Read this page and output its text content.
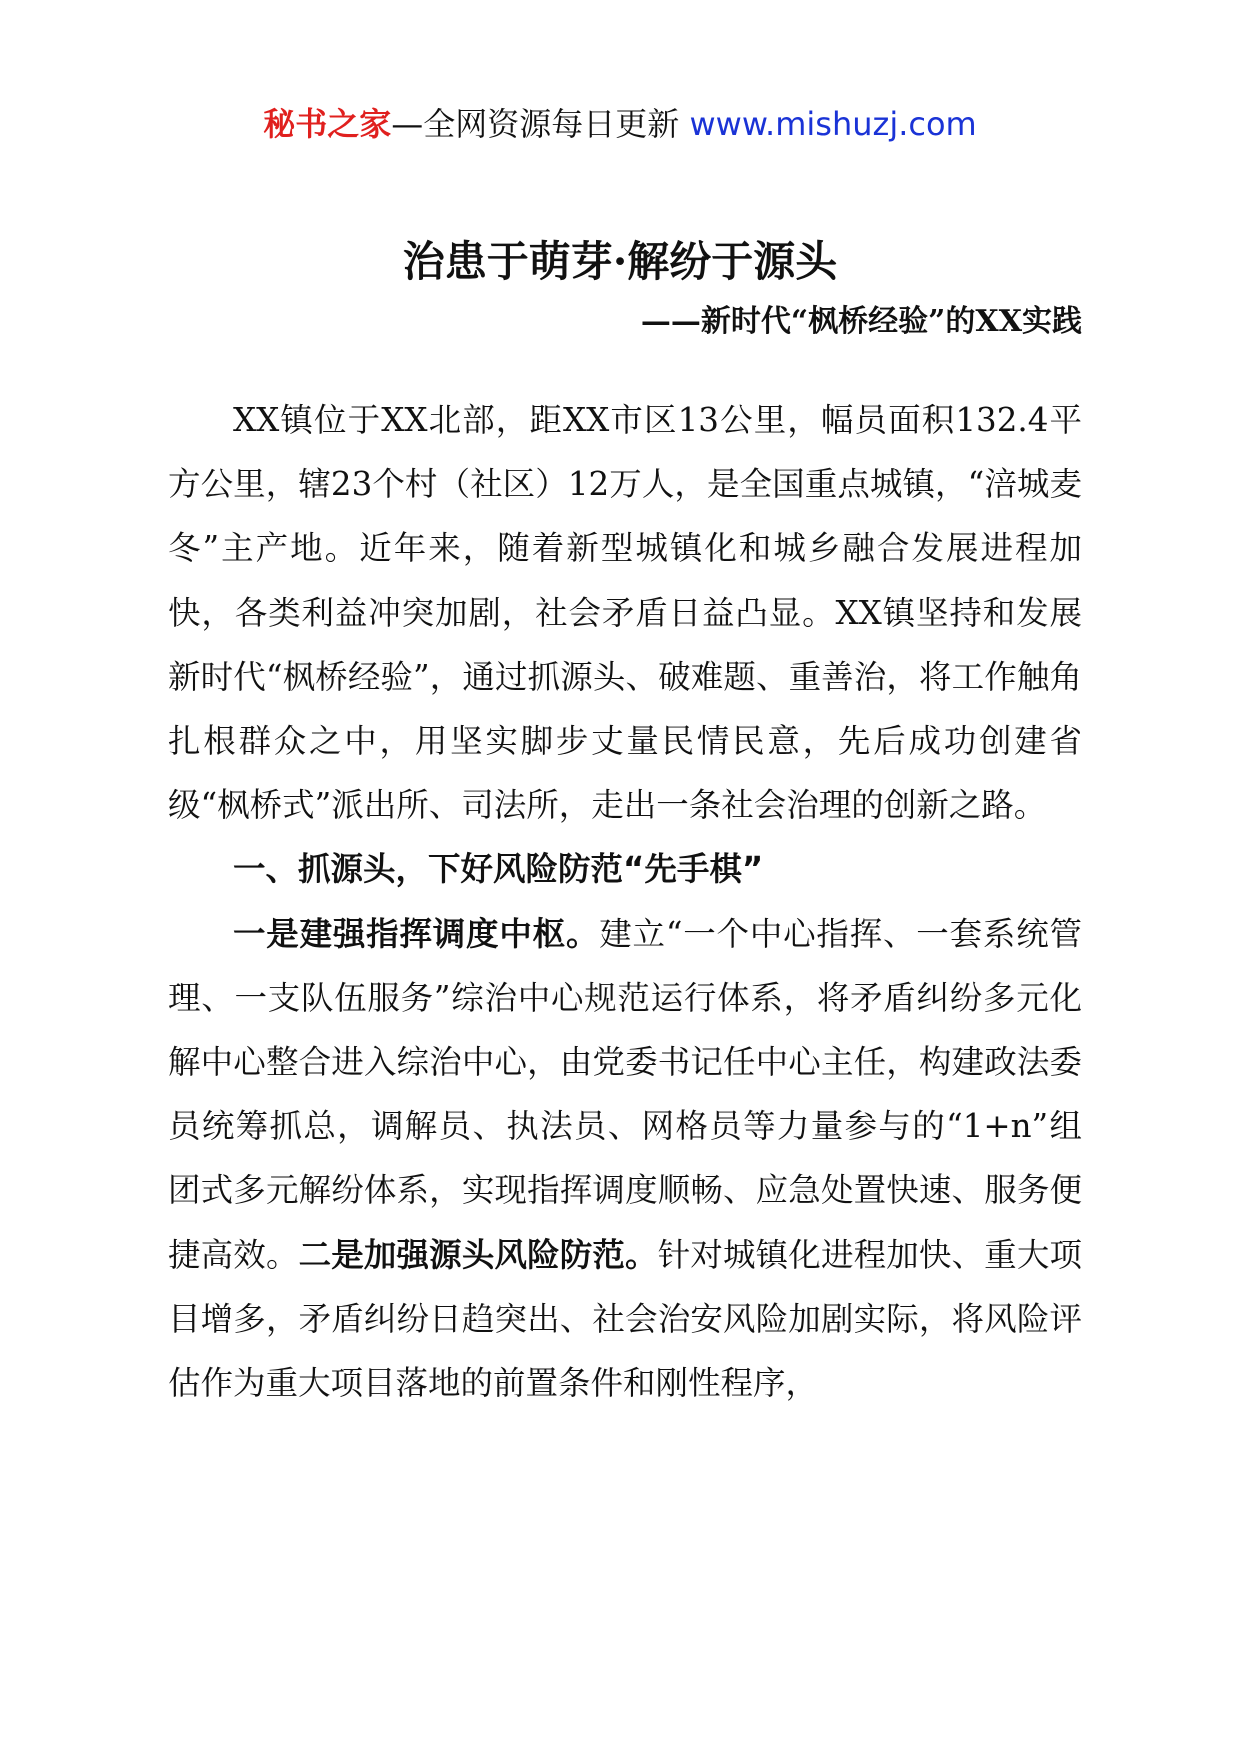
秘书之家—全网资源每日更新 www.mishuzj.com
治患于萌芽·解纷于源头
——新时代“枫桥经验”的XX实践

XX镇位于XX北部，距XX市区13公里，幅员面积132.4平方公里，辖23个村（社区）12万人，是全国重点城镇，“涪城麦冬”主产地。近年来，随着新型城镇化和城乡融合发展进程加快，各类利益冲突加剧，社会矛盾日益凸显。XX镇坚持和发展新时代“枫桥经验”，通过抓源头、破难题、重善治，将工作触角扎根群众之中，用坚实脚步丈量民情民意，先后成功创建省级“枫桥式”派出所、司法所，走出一条社会治理的创新之路。

一、抓源头，下好风险防范“先手棋”

一是建强指挥调度中枢。建立“一个中心指挥、一套系统管理、一支队伍服务”综治中心规范运行体系，将矛盾纠纷多元化解中心整合进入综治中心，由党委书记任中心主任，构建政法委员统筹抓总，调解员、执法员、网格员等力量参与的“1+n”组团式多元解纷体系，实现指挥调度顺畅、应急处置快速、服务便捷高效。二是加强源头风险防范。针对城镇化进程加快、重大项目增多，矛盾纠纷日趋突出、社会治安风险加剧实际，将风险评估作为重大项目落地的前置条件和刚性程序，
